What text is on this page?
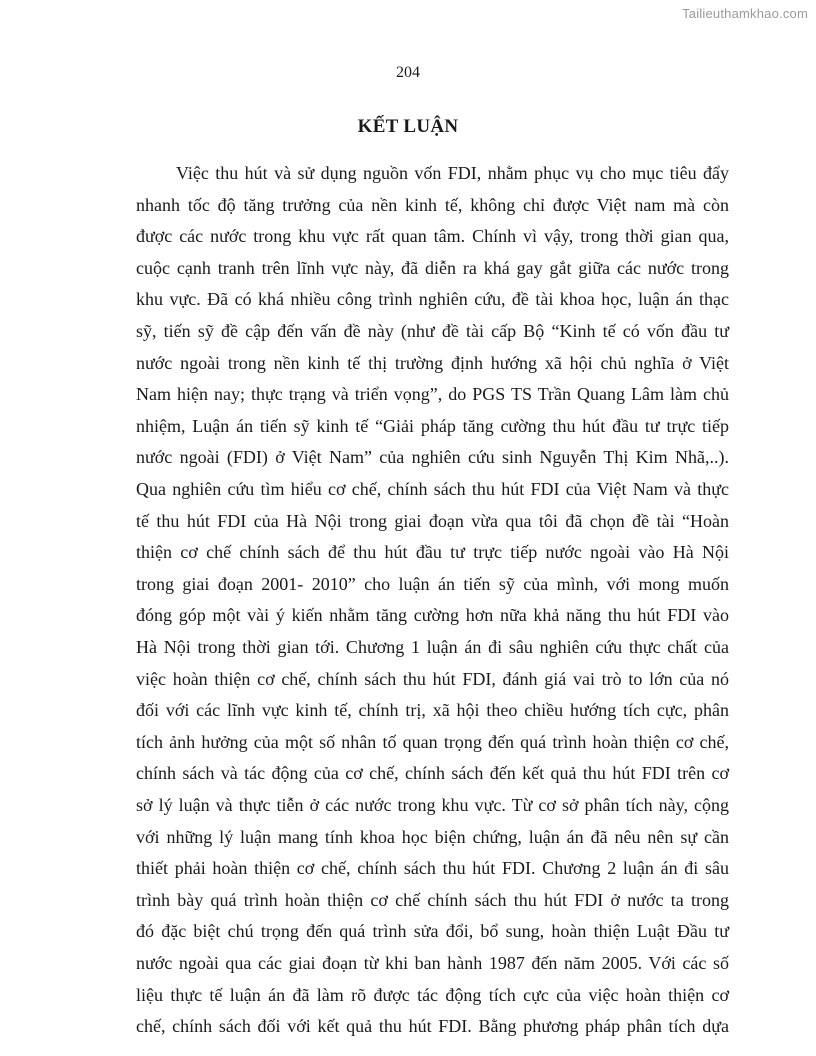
Tailieuthamkhao.com
204
KẾT LUẬN
Việc thu hút và sử dụng nguồn vốn FDI, nhằm phục vụ cho mục tiêu đẩy
nhanh tốc độ tăng trưởng của nền kinh tế, không chỉ được Việt nam mà còn
được các nước trong khu vực rất quan tâm. Chính vì vậy, trong thời gian qua,
cuộc cạnh tranh trên lĩnh vực này, đã diễn ra khá gay gắt giữa các nước trong
khu vực. Đã có khá nhiều công trình nghiên cứu, đề tài khoa học, luận án thạc
sỹ, tiến sỹ đề cập đến vấn đề này (như đề tài cấp Bộ “Kinh tế có vốn đầu tư
nước ngoài trong nền kinh tế thị trường định hướng xã hội chủ nghĩa ở Việt
Nam hiện nay; thực trạng và triển vọng”, do PGS TS Trần Quang Lâm làm chủ
nhiệm, Luận án tiến sỹ kinh tế “Giải pháp tăng cường thu hút đầu tư trực tiếp
nước ngoài (FDI) ở Việt Nam” của nghiên cứu sinh Nguyễn Thị Kim Nhã,..).
Qua nghiên cứu tìm hiểu cơ chế, chính sách thu hút FDI của Việt Nam và thực
tế thu hút FDI của Hà Nội trong giai đoạn vừa qua tôi đã chọn đề tài “Hoàn
thiện cơ chế chính sách để thu hút đầu tư trực tiếp nước ngoài vào Hà Nội
trong giai đoạn 2001- 2010” cho luận án tiến sỹ của mình, với mong muốn
đóng góp một vài ý kiến nhằm tăng cường hơn nữa khả năng thu hút FDI vào
Hà Nội trong thời gian tới. Chương 1 luận án đi sâu nghiên cứu thực chất của
việc hoàn thiện cơ chế, chính sách thu hút FDI, đánh giá vai trò to lớn của nó
đối với các lĩnh vực kinh tế, chính trị, xã hội theo chiều hướng tích cực, phân
tích ảnh hưởng của một số nhân tố quan trọng đến quá trình hoàn thiện cơ chế,
chính sách và tác động của cơ chế, chính sách đến kết quả thu hút FDI trên cơ
sở lý luận và thực tiễn ở các nước trong khu vực. Từ cơ sở phân tích này, cộng
với những lý luận mang tính khoa học biện chứng, luận án đã nêu nên sự cần
thiết phải hoàn thiện cơ chế, chính sách thu hút FDI. Chương 2 luận án đi sâu
trình bày quá trình hoàn thiện cơ chế chính sách thu hút FDI ở nước ta trong
đó đặc biệt chú trọng đến quá trình sửa đổi, bổ sung, hoàn thiện Luật Đầu tư
nước ngoài qua các giai đoạn từ khi ban hành 1987 đến năm 2005. Với các số
liệu thực tế luận án đã làm rõ được tác động tích cực của việc hoàn thiện cơ
chế, chính sách đối với kết quả thu hút FDI. Bằng phương pháp phân tích dựa
